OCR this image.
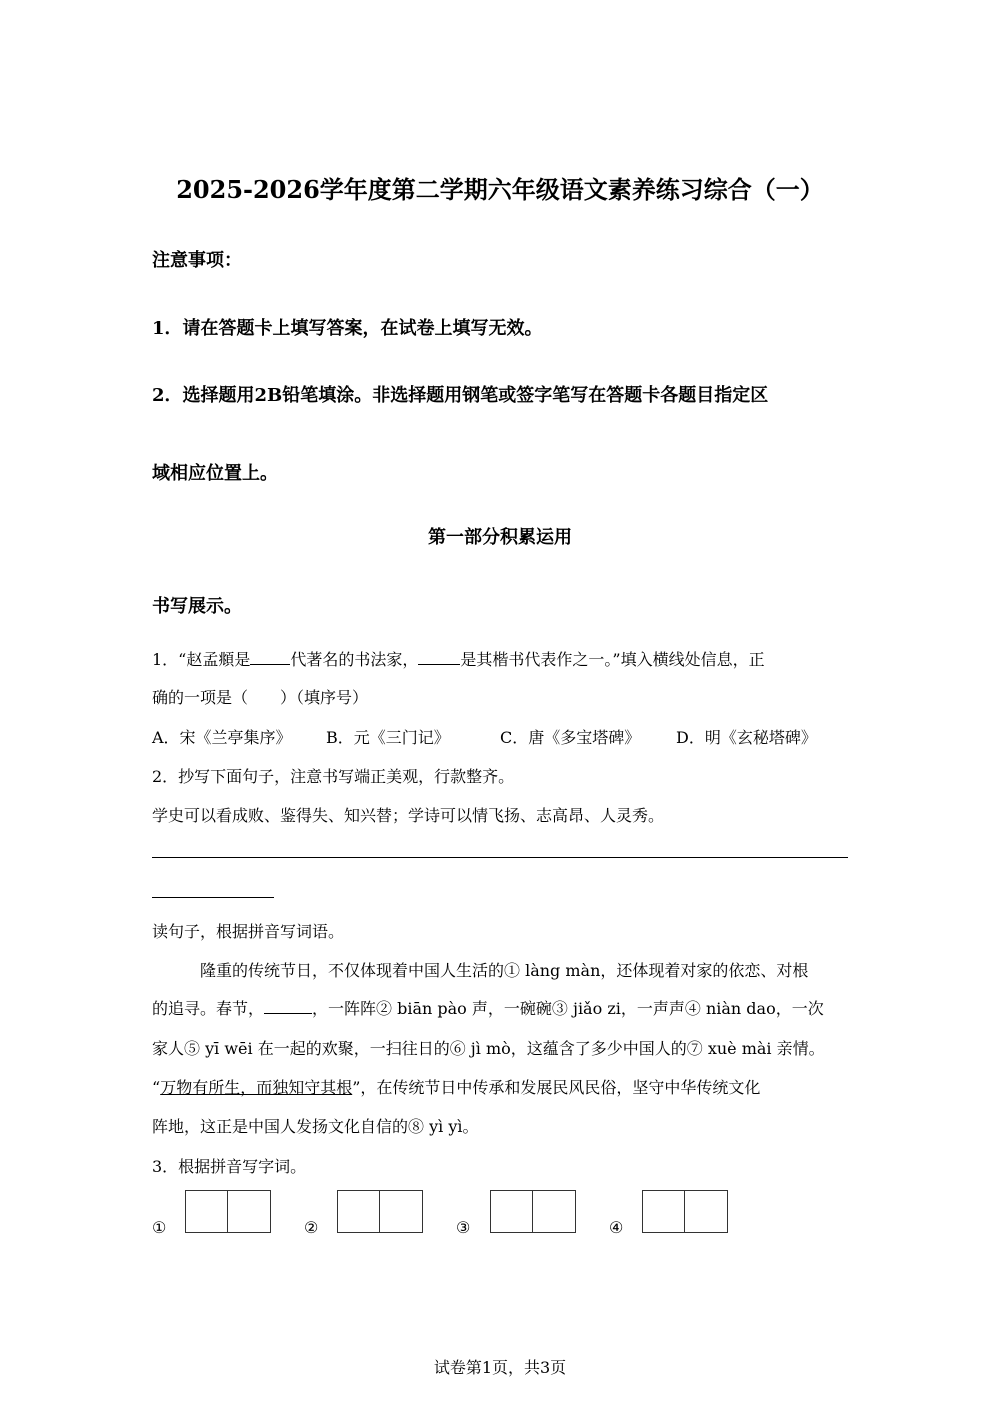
2025-2026学年度第二学期六年级语文素养练习综合（一）
注意事项：
1．请在答题卡上填写答案，在试卷上填写无效。
2．选择题用2B铅笔填涂。非选择题用钢笔或签字笔写在答题卡各题目指定区
域相应位置上。
第一部分积累运用
书写展示。
1．“赵孟頫是	代著名的书法家，	是其楷书代表作之一。”填入横线处信息，正
确的一项是（　　）（填序号）
A．宋《兰亭集序》 B．元《三门记》	C．唐《多宝塔碑》 D．明《玄秘塔碑》
2．抄写下面句子，注意书写端正美观，行款整齐。
学史可以看成败、鉴得失、知兴替；学诗可以情飞扬、志高昂、人灵秀。
读句子，根据拼音写词语。
隆重的传统节日，不仅体现着中国人生活的① làng màn，还体现着对家的依恋、对根
的追寻。春节，	，一阵阵② biān pào 声，一碗碗③ jiǎo zi，一声声④ niàn dao，一次
家人⑤ yī wēi 在一起的欢聚，一扫往日的⑥ jì mò，这蕴含了多少中国人的⑦ xuè mài 亲情。
“万物有所生，而独知守其根”，在传统节日中传承和发展民风民俗，坚守中华传统文化
阵地，这正是中国人发扬文化自信的⑧ yì yì。
3．根据拼音写字词。
①	②	③	④
试卷第1页，共3页
